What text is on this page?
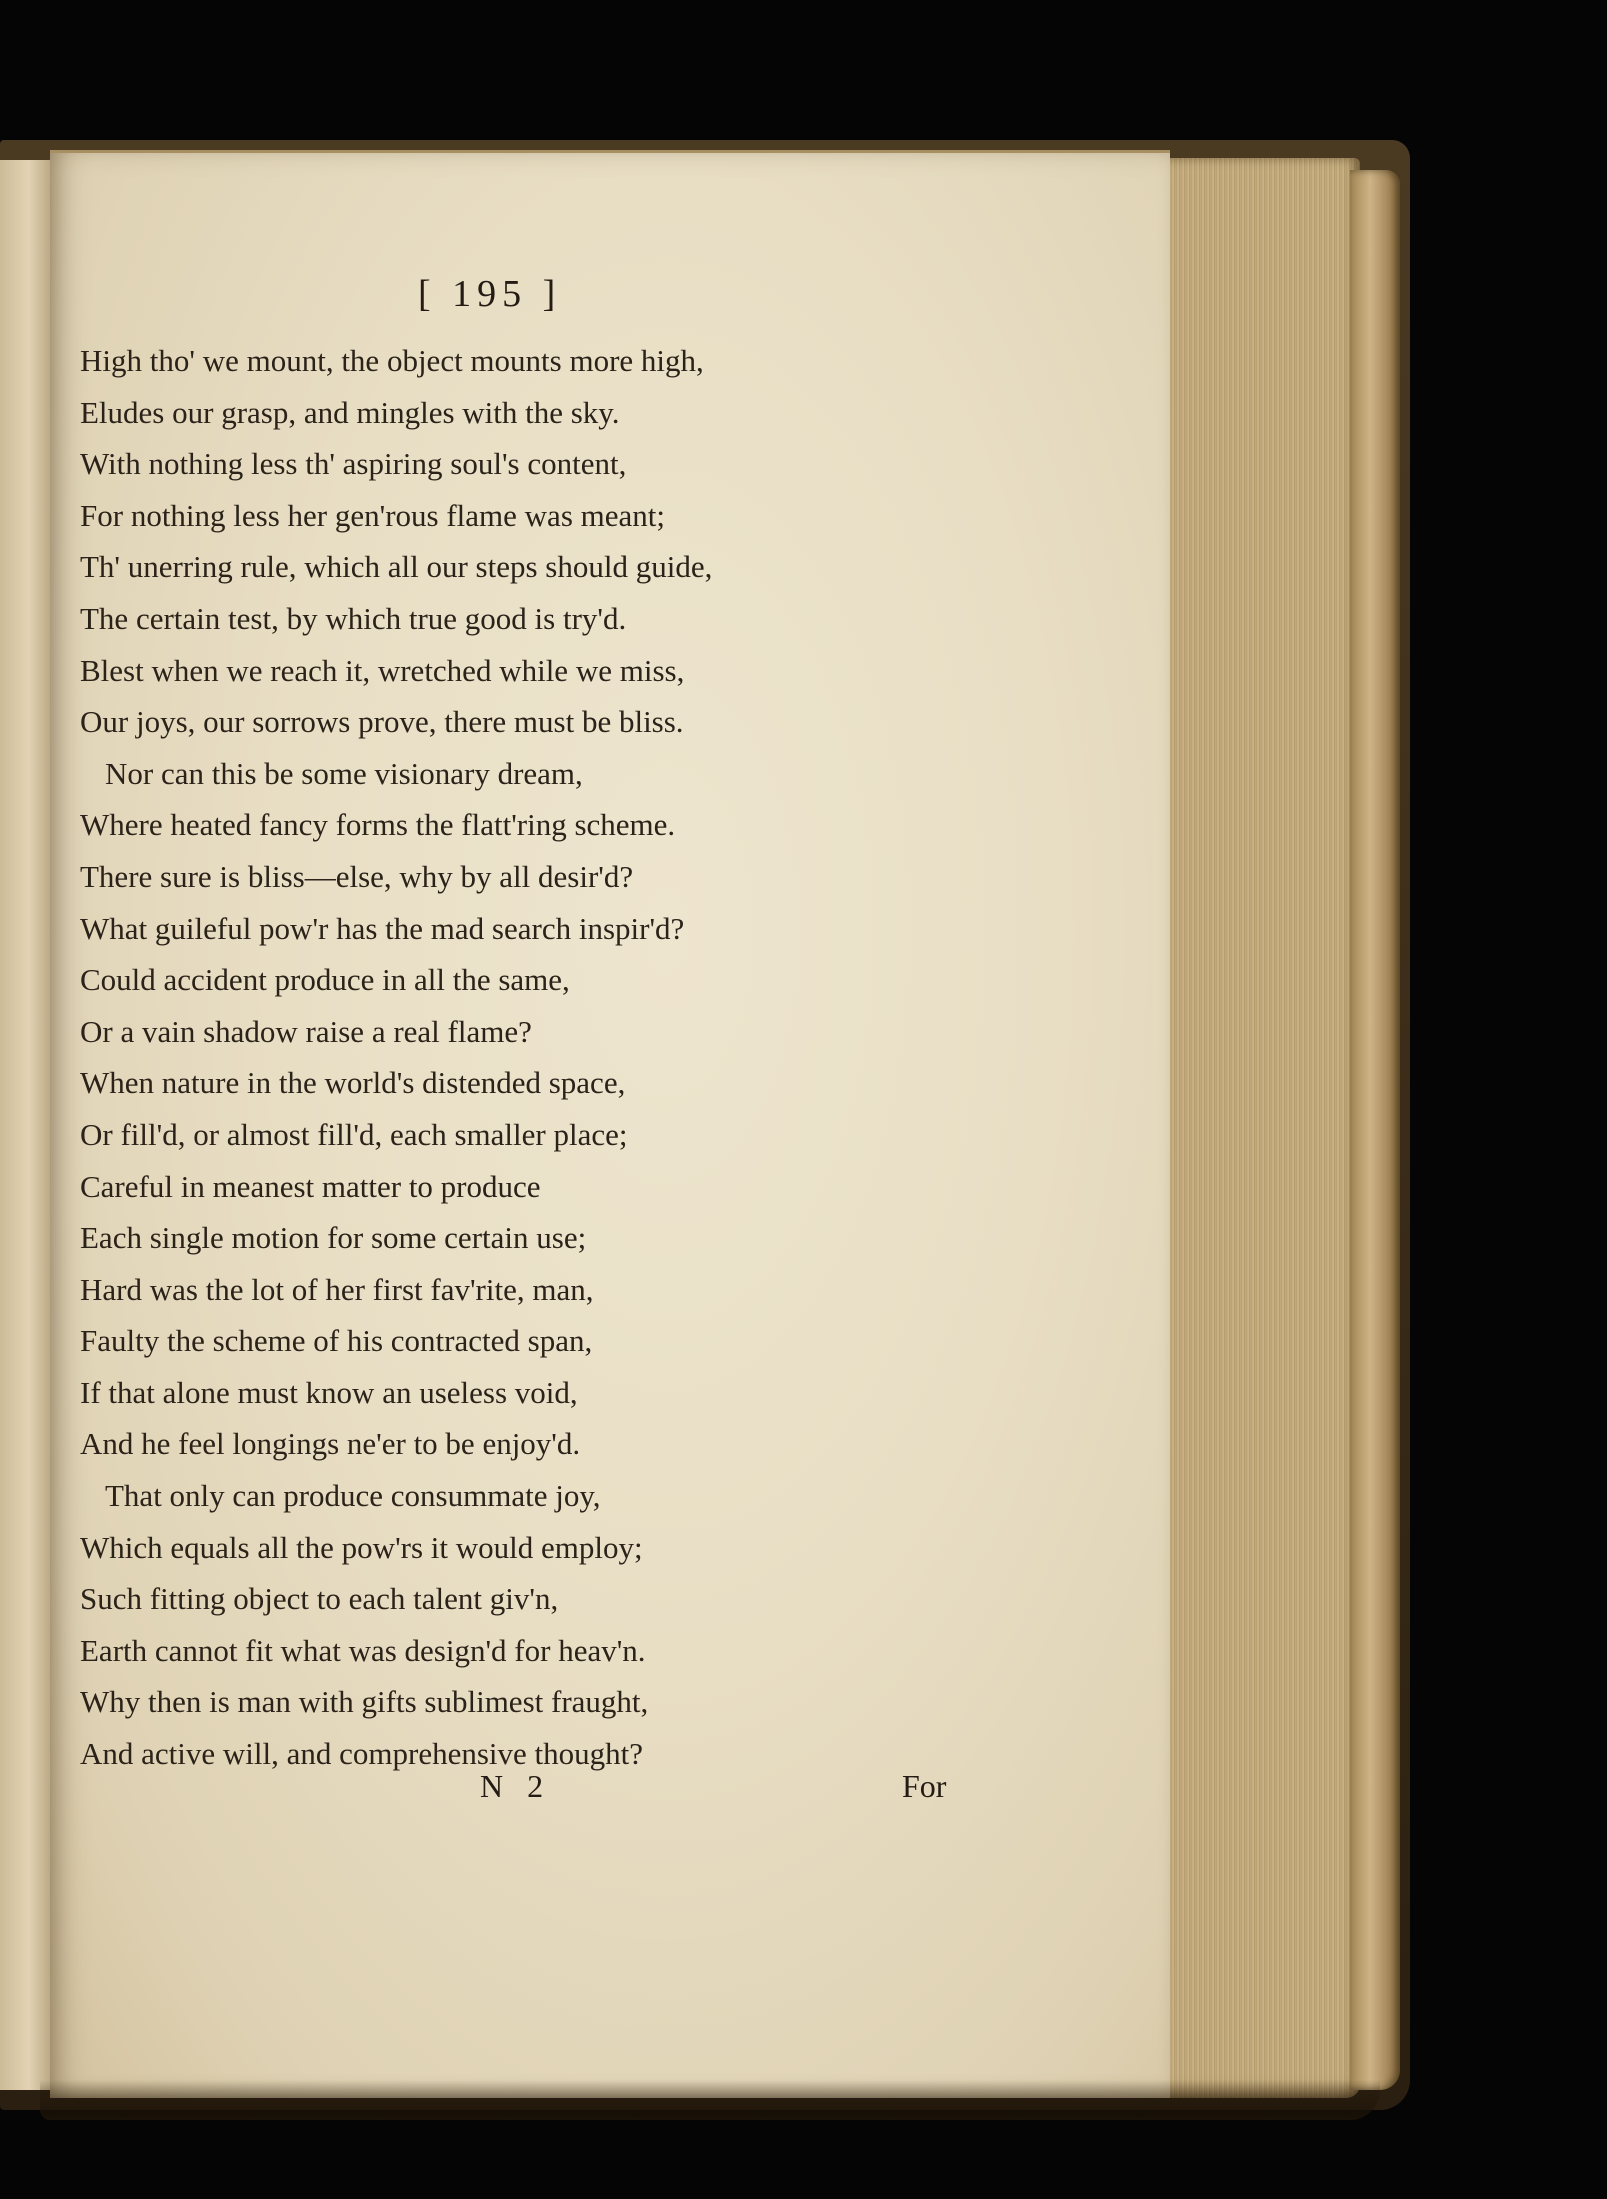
[ 195 ]
High tho' we mount, the object mounts more high,
Eludes our grasp, and mingles with the sky.
With nothing less th' aspiring soul's content,
For nothing less her gen'rous flame was meant;
Th' unerring rule, which all our steps should guide,
The certain test, by which true good is try'd.
Blest when we reach it, wretched while we miss,
Our joys, our sorrows prove, there must be bliss.
Nor can this be some visionary dream,
Where heated fancy forms the flatt'ring scheme.
There sure is bliss—else, why by all desir'd?
What guileful pow'r has the mad search inspir'd?
Could accident produce in all the same,
Or a vain shadow raise a real flame?
When nature in the world's distended space,
Or fill'd, or almost fill'd, each smaller place;
Careful in meanest matter to produce
Each single motion for some certain use;
Hard was the lot of her first fav'rite, man,
Faulty the scheme of his contracted span,
If that alone must know an useless void,
And he feel longings ne'er to be enjoy'd.
That only can produce consummate joy,
Which equals all the pow'rs it would employ;
Such fitting object to each talent giv'n,
Earth cannot fit what was design'd for heav'n.
Why then is man with gifts sublimest fraught,
And active will, and comprehensive thought?
N 2	For
